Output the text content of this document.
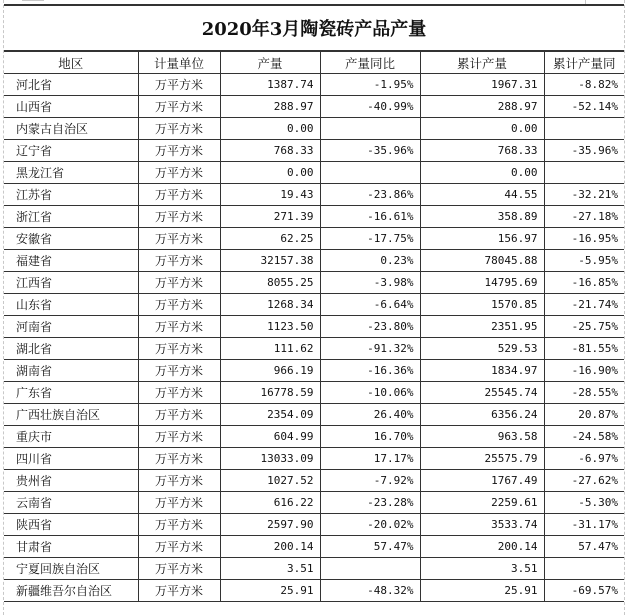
2020年3月陶瓷砖产品产量
地区	计量单位	产量	产量同比	累计产量	累计产量同
河北省	万平方米	1387.74	-1.95%	1967.31	-8.82%
山西省	万平方米	288.97	-40.99%	288.97	-52.14%
内蒙古自治区	万平方米	0.00		0.00	
辽宁省	万平方米	768.33	-35.96%	768.33	-35.96%
黑龙江省	万平方米	0.00		0.00	
江苏省	万平方米	19.43	-23.86%	44.55	-32.21%
浙江省	万平方米	271.39	-16.61%	358.89	-27.18%
安徽省	万平方米	62.25	-17.75%	156.97	-16.95%
福建省	万平方米	32157.38	0.23%	78045.88	-5.95%
江西省	万平方米	8055.25	-3.98%	14795.69	-16.85%
山东省	万平方米	1268.34	-6.64%	1570.85	-21.74%
河南省	万平方米	1123.50	-23.80%	2351.95	-25.75%
湖北省	万平方米	111.62	-91.32%	529.53	-81.55%
湖南省	万平方米	966.19	-16.36%	1834.97	-16.90%
广东省	万平方米	16778.59	-10.06%	25545.74	-28.55%
广西壮族自治区	万平方米	2354.09	26.40%	6356.24	20.87%
重庆市	万平方米	604.99	16.70%	963.58	-24.58%
四川省	万平方米	13033.09	17.17%	25575.79	-6.97%
贵州省	万平方米	1027.52	-7.92%	1767.49	-27.62%
云南省	万平方米	616.22	-23.28%	2259.61	-5.30%
陕西省	万平方米	2597.90	-20.02%	3533.74	-31.17%
甘肃省	万平方米	200.14	57.47%	200.14	57.47%
宁夏回族自治区	万平方米	3.51		3.51	
新疆维吾尔自治区	万平方米	25.91	-48.32%	25.91	-69.57%
